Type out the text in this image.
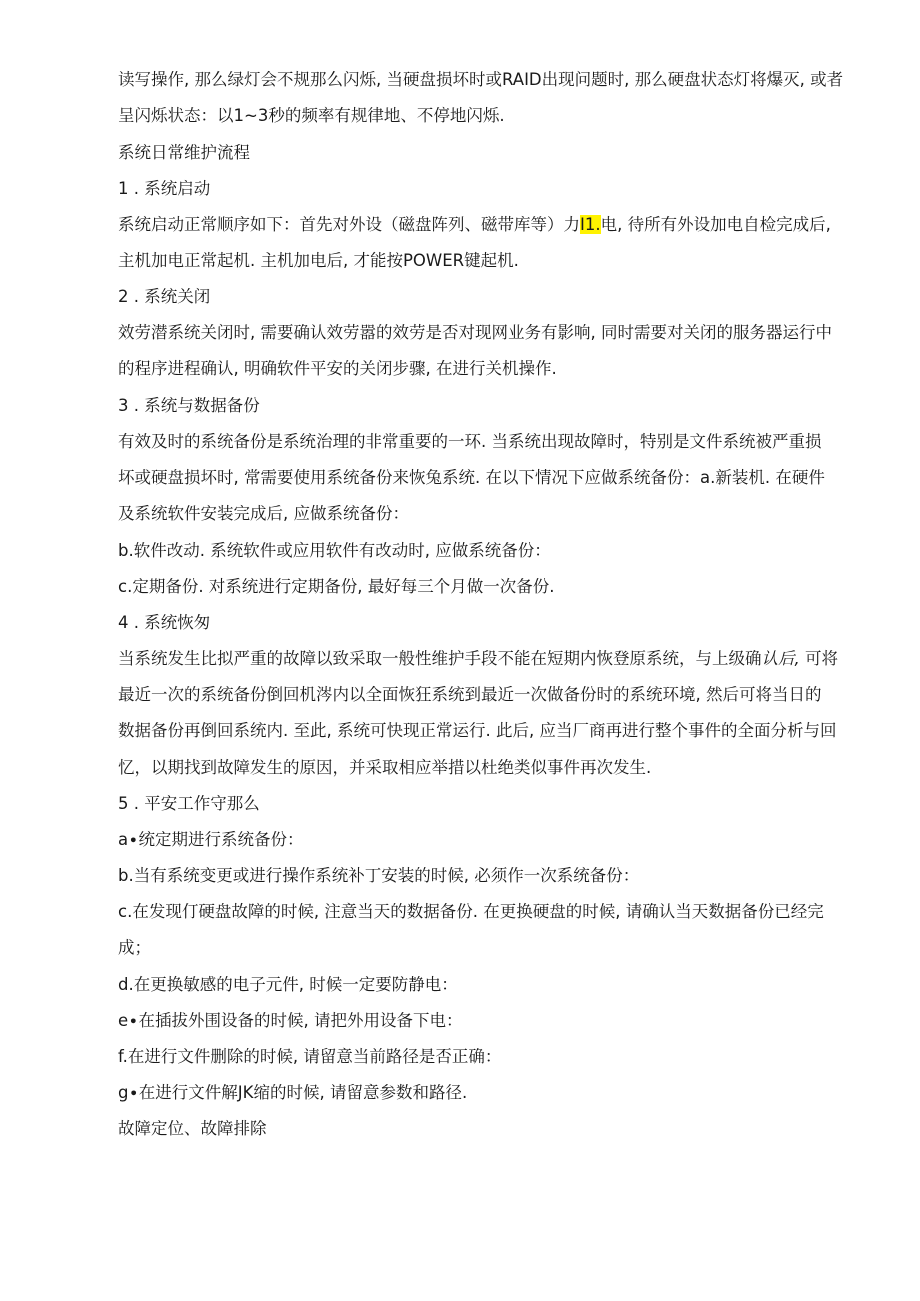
读写操作, 那么绿灯会不规那么闪烁, 当硬盘损坏时或RAID出现问题时, 那么硬盘状态灯将爆灭, 或者
呈闪烁状态：以1~3秒的频率有规律地、不停地闪烁.
系统日常维护流程
1 . 系统启动
系统启动正常顺序如下：首先对外设（磁盘阵列、磁带库等）力I1.电, 待所有外设加电自检完成后,
主机加电正常起机. 主机加电后, 才能按POWER键起机.
2 . 系统关闭
效劳潜系统关闭时, 需要确认效劳嚣的效劳是否对现网业务有影响, 同时需要对关闭的服务器运行中
的程序进程确认, 明确软件平安的关闭步骤, 在进行关机操作.
3 . 系统与数据备份
有效及时的系统备份是系统治理的非常重要的一环. 当系统出现故障时，特别是文件系统被严重损
坏或硬盘损坏时, 常需要使用系统备份来恢兔系统. 在以下情况下应做系统备份：a.新装机. 在硬件
及系统软件安装完成后, 应做系统备份：
b.软件改动. 系统软件或应用软件有改动时, 应做系统备份：
c.定期备份. 对系统进行定期备份, 最好每三个月做一次备份.
4 . 系统恢匆
当系统发生比拟严重的故障以致采取一般性维护手段不能在短期内恢登原系统，与上级确认后, 可将
最近一次的系统备份倒回机涔内以全面恢狂系统到最近一次做备份时的系统环境, 然后可将当日的
数据备份再倒回系统内. 至此, 系统可快现正常运行. 此后, 应当厂商再进行整个事件的全面分析与回
忆，以期找到故障发生的原因，并采取相应举措以杜绝类似事件再次发生.
5 . 平安工作守那么
a∙统定期进行系统备份：
b.当有系统变更或进行操作系统补丁安装的时候, 必须作一次系统备份：
c.在发现仃硬盘故障的时候, 注意当天的数据备份. 在更换硬盘的时候, 请确认当天数据备份已经完
成；
d.在更换敏感的电子元件, 时候一定要防静电：
e∙在插拔外围设备的时候, 请把外用设备下电：
f.在进行文件删除的时候, 请留意当前路径是否正确：
g∙在进行文件解JK缩的时候, 请留意参数和路径.
故障定位、故障排除
